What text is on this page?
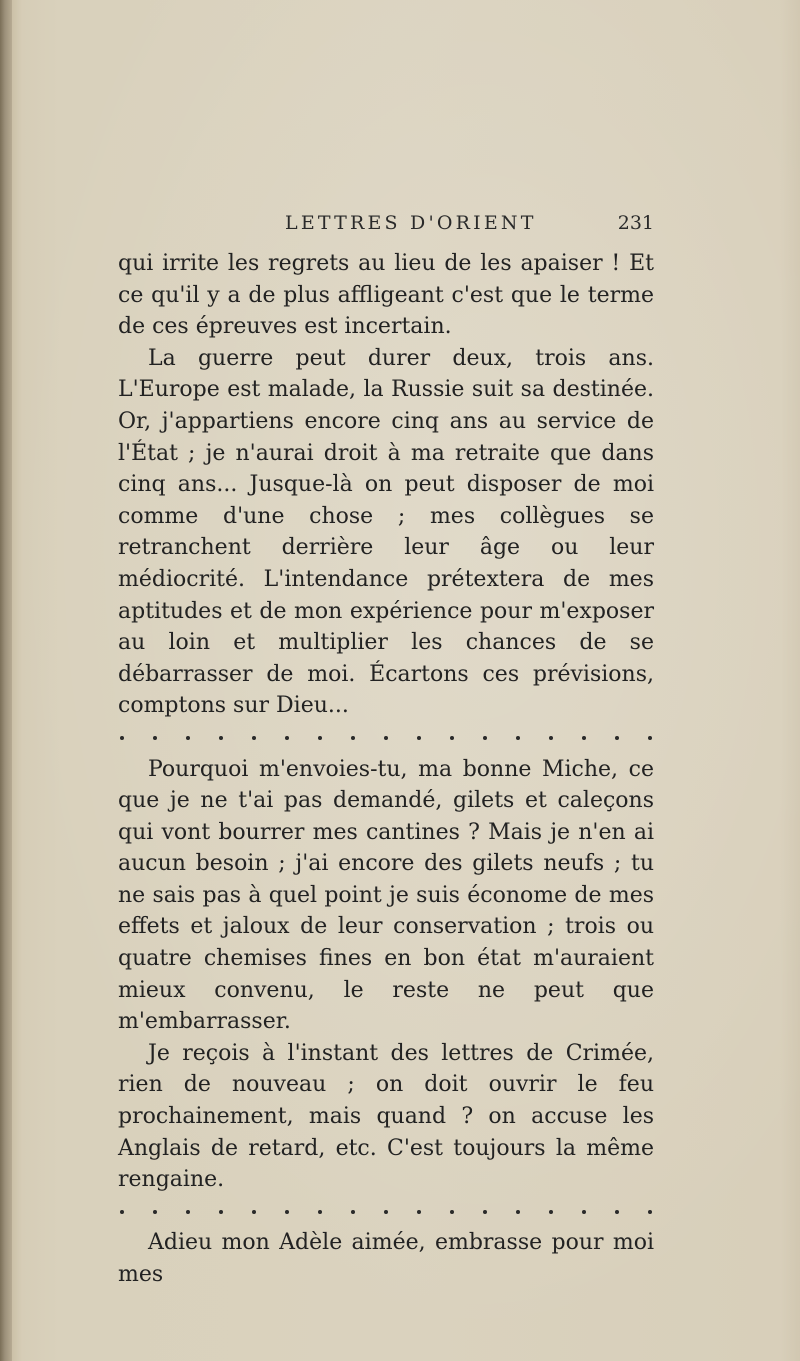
LETTRES D'ORIENT	231

qui irrite les regrets au lieu de les apaiser ! Et ce qu'il y a de plus affligeant c'est que le terme de ces épreuves est incertain.

La guerre peut durer deux, trois ans. L'Europe est malade, la Russie suit sa destinée. Or, j'appartiens encore cinq ans au service de l'État ; je n'aurai droit à ma retraite que dans cinq ans... Jusque-là on peut disposer de moi comme d'une chose ; mes collègues se retranchent derrière leur âge ou leur médiocrité. L'intendance prétextera de mes aptitudes et de mon expérience pour m'exposer au loin et multiplier les chances de se débarrasser de moi. Écartons ces prévisions, comptons sur Dieu...

Pourquoi m'envoies-tu, ma bonne Miche, ce que je ne t'ai pas demandé, gilets et caleçons qui vont bourrer mes cantines ? Mais je n'en ai aucun besoin ; j'ai encore des gilets neufs ; tu ne sais pas à quel point je suis économe de mes effets et jaloux de leur conservation ; trois ou quatre chemises fines en bon état m'auraient mieux convenu, le reste ne peut que m'embarrasser.

Je reçois à l'instant des lettres de Crimée, rien de nouveau ; on doit ouvrir le feu prochainement, mais quand ? on accuse les Anglais de retard, etc. C'est toujours la même rengaine.

Adieu mon Adèle aimée, embrasse pour moi mes
